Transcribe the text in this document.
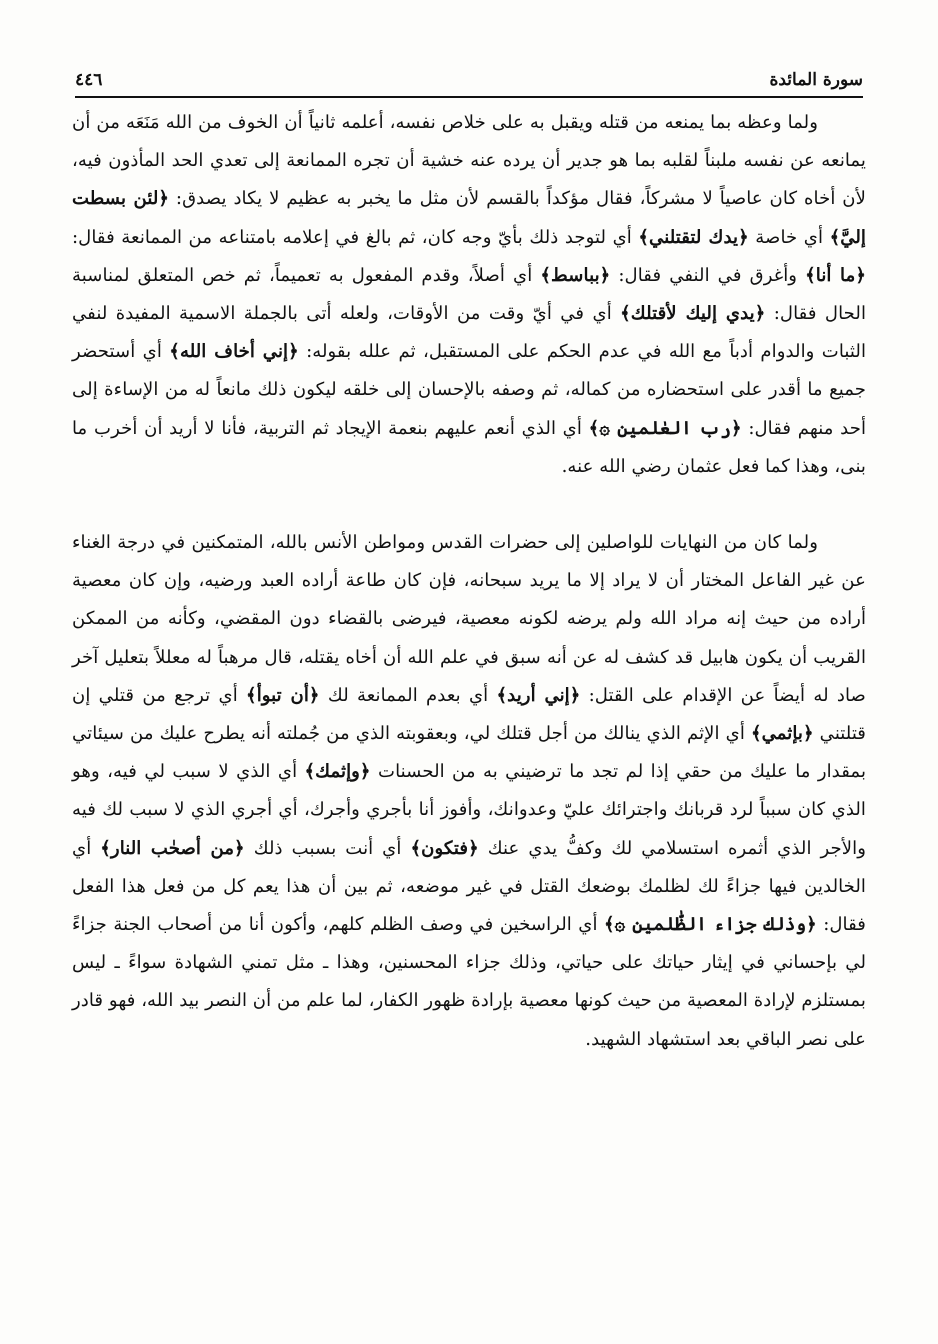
سورة المائدة
٤٤٦

ولما وعظه بما يمنعه من قتله ويقبل به على خلاص نفسه، أعلمه ثانياً أن الخوف من الله مَنَعَه من أن يمانعه عن نفسه ملبناً لقلبه بما هو جدير أن يرده عنه خشية أن تجره الممانعة إلى تعدي الحد المأذون فيه، لأن أخاه كان عاصياً لا مشركاً، فقال مؤكداً بالقسم لأن مثل ما يخبر به عظيم لا يكاد يصدق: ﴿لئن بسطت إليَّ﴾ أي خاصة ﴿يدك لتقتلني﴾ أي لتوجد ذلك بأيّ وجه كان، ثم بالغ في إعلامه بامتناعه من الممانعة فقال: ﴿ما أنا﴾ وأغرق في النفي فقال: ﴿بباسط﴾ أي أصلاً، وقدم المفعول به تعميماً، ثم خص المتعلق لمناسبة الحال فقال: ﴿يدي إليك لأقتلك﴾ أي في أيّ وقت من الأوقات، ولعله أتى بالجملة الاسمية المفيدة لنفي الثبات والدوام أدباً مع الله في عدم الحكم على المستقبل، ثم علله بقوله: ﴿إني أخاف الله﴾ أي أستحضر جميع ما أقدر على استحضاره من كماله، ثم وصفه بالإحسان إلى خلقه ليكون ذلك مانعاً له من الإساءة إلى أحد منهم فقال: ﴿رب العٰلمين ۞﴾ أي الذي أنعم عليهم بنعمة الإيجاد ثم التربية، فأنا لا أريد أن أخرب ما بنى، وهذا كما فعل عثمان رضي الله عنه.

ولما كان من النهايات للواصلين إلى حضرات القدس ومواطن الأنس بالله، المتمكنين في درجة الغناء عن غير الفاعل المختار أن لا يراد إلا ما يريد سبحانه، فإن كان طاعة أراده العبد ورضيه، وإن كان معصية أراده من حيث إنه مراد الله ولم يرضه لكونه معصية، فيرضى بالقضاء دون المقضي، وكأنه من الممكن القريب أن يكون هابيل قد كشف له عن أنه سبق في علم الله أن أخاه يقتله، قال مرهباً له معللاً بتعليل آخر صاد له أيضاً عن الإقدام على القتل: ﴿إني أريد﴾ أي بعدم الممانعة لك ﴿أن تبوأ﴾ أي ترجع من قتلي إن قتلتني ﴿بإثمي﴾ أي الإثم الذي ينالك من أجل قتلك لي، وبعقوبته الذي من جُملته أنه يطرح عليك من سيئاتي بمقدار ما عليك من حقي إذا لم تجد ما ترضيني به من الحسنات ﴿وإثمك﴾ أي الذي لا سبب لي فيه، وهو الذي كان سبباً لرد قربانك واجترائك عليّ وعدوانك، وأفوز أنا بأجري وأجرك، أي أجري الذي لا سبب لك فيه والأجر الذي أثمره استسلامي لك وكفُّ يدي عنك ﴿فتكون﴾ أي أنت بسبب ذلك ﴿من أصحٰب النار﴾ أي الخالدين فيها جزاءً لك لظلمك بوضعك القتل في غير موضعه، ثم بين أن هذا يعم كل من فعل هذا الفعل فقال: ﴿وذلك جزاء الظّٰلمين ۞﴾ أي الراسخين في وصف الظلم كلهم، وأكون أنا من أصحاب الجنة جزاءً لي بإحساني في إيثار حياتك على حياتي، وذلك جزاء المحسنين، وهذا ـ مثل تمني الشهادة سواءً ـ ليس بمستلزم لإرادة المعصية من حيث كونها معصية بإرادة ظهور الكفار، لما علم من أن النصر بيد الله، فهو قادر على نصر الباقي بعد استشهاد الشهيد.
